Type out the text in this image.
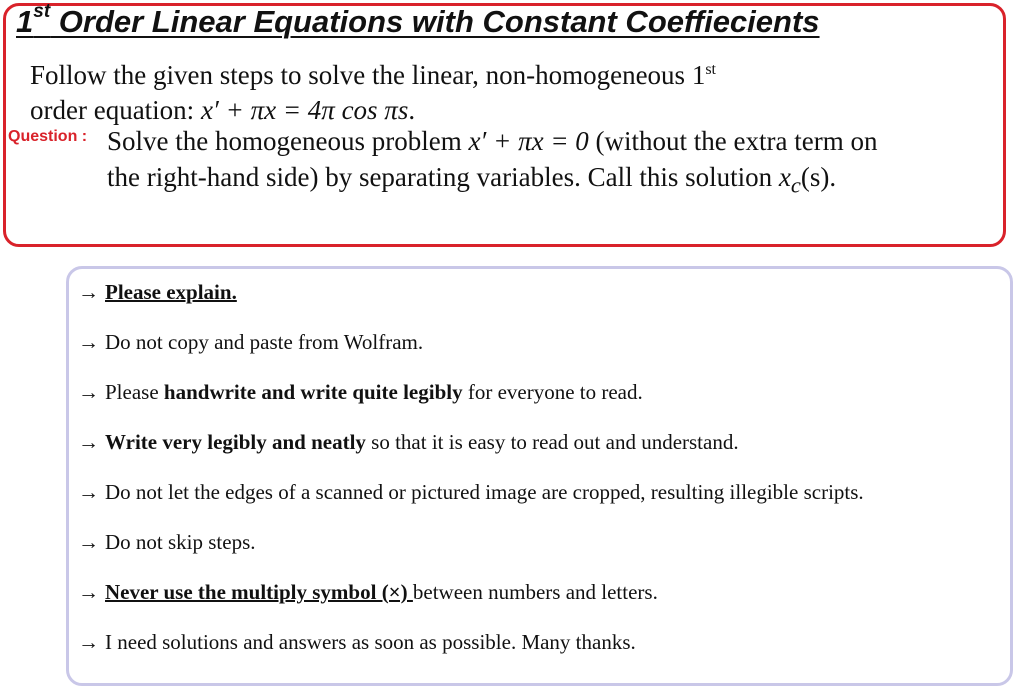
1st Order Linear Equations with Constant Coeffiecients
Follow the given steps to solve the linear, non-homogeneous 1st
order equation: x′ + πx = 4π cos πs.
Question : Solve the homogeneous problem x′ + πx = 0 (without the extra term on the right-hand side) by separating variables. Call this solution $x_c(s)$.
→ Please explain.
→ Do not copy and paste from Wolfram.
→ Please handwrite and write quite legibly for everyone to read.
→ Write very legibly and neatly so that it is easy to read out and understand.
→ Do not let the edges of a scanned or pictured image are cropped, resulting illegible scripts.
→ Do not skip steps.
→ Never use the multiply symbol (×) between numbers and letters.
→ I need solutions and answers as soon as possible. Many thanks.
